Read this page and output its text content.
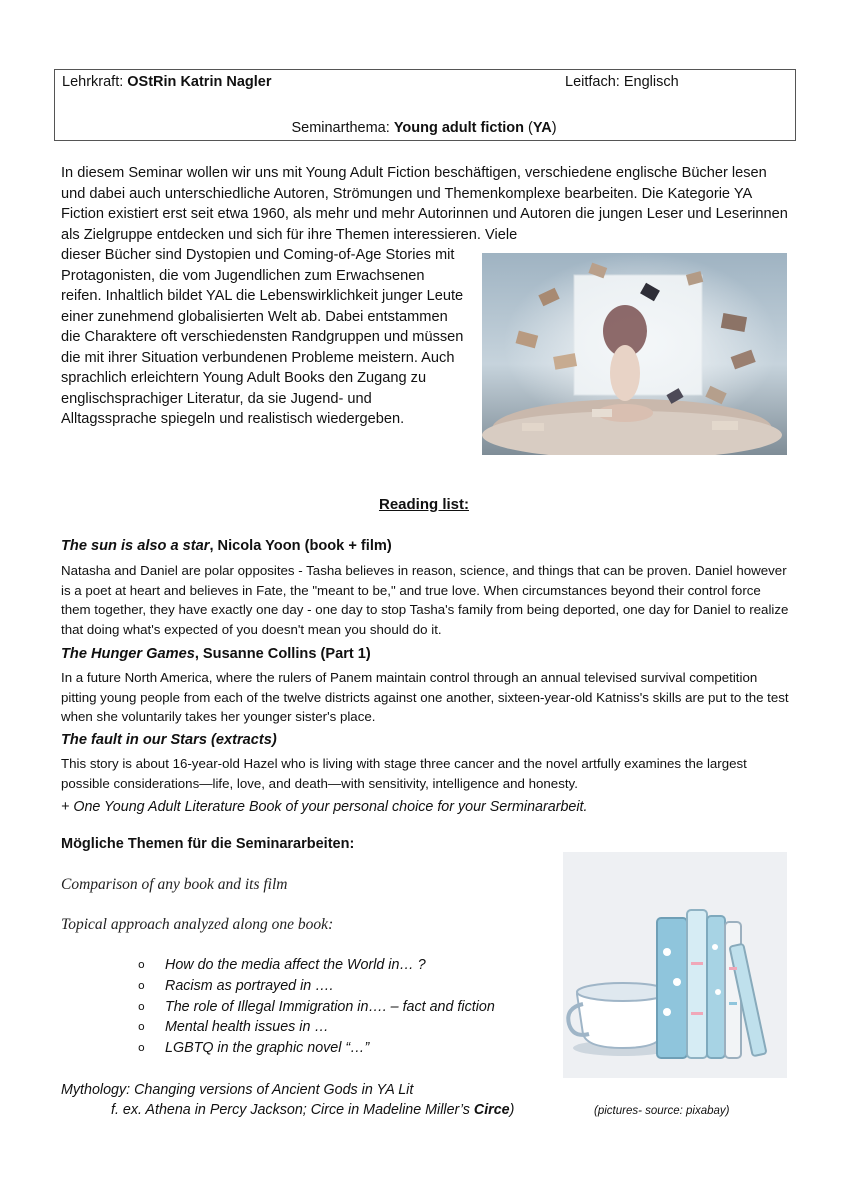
Lehrkraft: OStRin Katrin Nagler	Leitfach: Englisch
Seminarthema: Young adult fiction (YA)
In diesem Seminar wollen wir uns mit Young Adult Fiction beschäftigen, verschiedene englische Bücher lesen und dabei auch unterschiedliche Autoren, Strömungen und Themenkomplexe bearbeiten. Die Kategorie YA Fiction existiert erst seit etwa 1960, als mehr und mehr Autorinnen und Autoren die jungen Leser und Leserinnen als Zielgruppe entdecken und sich für ihre Themen interessieren. Viele
dieser Bücher sind Dystopien und Coming-of-Age Stories mit Protagonisten, die vom Jugendlichen zum Erwachsenen reifen. Inhaltlich bildet YAL die Lebenswirklichkeit junger Leute einer zunehmend globalisierten Welt ab. Dabei entstammen die Charaktere oft verschiedensten Randgruppen und müssen die mit ihrer Situation verbundenen Probleme meistern. Auch sprachlich erleichtern Young Adult Books den Zugang zu englischsprachiger Literatur, da sie Jugend- und Alltagssprache spiegeln und realistisch wiedergeben.
Reading list:
The sun is also a star, Nicola Yoon (book + film)
Natasha and Daniel are polar opposites - Tasha believes in reason, science, and things that can be proven. Daniel however is a poet at heart and believes in Fate, the "meant to be," and true love. When circumstances beyond their control force them together, they have exactly one day - one day to stop Tasha's family from being deported, one day for Daniel to realize that doing what's expected of you doesn't mean you should do it.
The Hunger Games, Susanne Collins (Part 1)
In a future North America, where the rulers of Panem maintain control through an annual televised survival competition pitting young people from each of the twelve districts against one another, sixteen-year-old Katniss's skills are put to the test when she voluntarily takes her younger sister's place.
The fault in our Stars (extracts)
This story is about 16-year-old Hazel who is living with stage three cancer and the novel artfully examines the largest possible considerations—life, love, and death—with sensitivity, intelligence and honesty.
+ One Young Adult Literature Book of your personal choice for your Serminararbeit.
Mögliche Themen für die Seminararbeiten:
Comparison of any book and its film
Topical approach analyzed along one book:
o How do the media affect the World in… ?
o Racism as portrayed in ….
o The role of Illegal Immigration in…. – fact and fiction
o Mental health issues in …
o LGBTQ in the graphic novel “…”
Mythology: Changing versions of Ancient Gods in YA Lit
f. ex. Athena in Percy Jackson; Circe in Madeline Miller’s Circe)	(pictures- source: pixabay)
